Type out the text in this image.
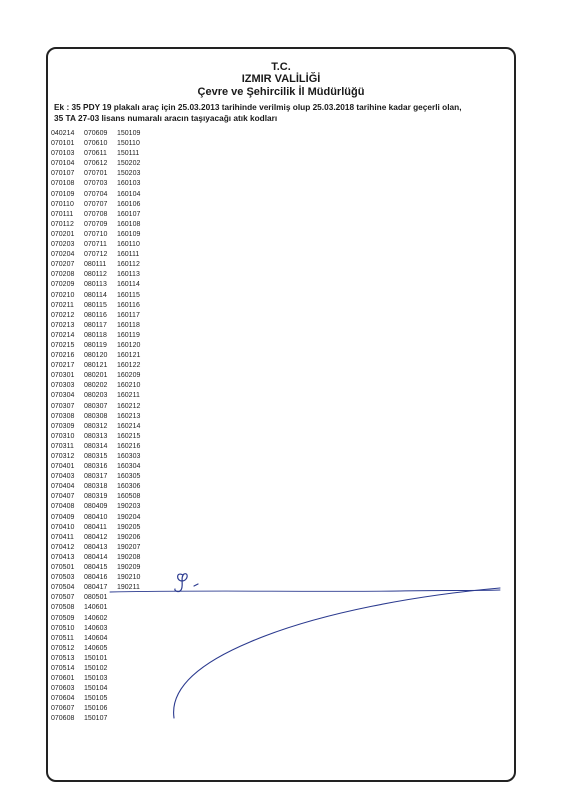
T.C.
IZMIR VALİLİĞİ
Çevre ve Şehircilik İl Müdürlüğü

Ek : 35 PDY 19 plakalı araç için 25.03.2013 tarihinde verilmiş olup 25.03.2018 tarihine kadar geçerli olan,
35 TA 27-03 lisans numaralı aracın taşıyacağı atık kodları

040214
070101
070103
070104
070107
070108
070109
070110
070111
070112
070201
070203
070204
070207
070208
070209
070210
070211
070212
070213
070214
070215
070216
070217
070301
070303
070304
070307
070308
070309
070310
070311
070312
070401
070403
070404
070407
070408
070409
070410
070411
070412
070413
070501
070503
070504
070507
070508
070509
070510
070511
070512
070513
070514
070601
070603
070604
070607
070608
070609
070610
070611
070612
070701
070703
070704
070707
070708
070709
070710
070711
070712
080111
080112
080113
080114
080115
080116
080117
080118
080119
080120
080121
080201
080202
080203
080307
080308
080312
080313
080314
080315
080316
080317
080318
080319
080409
080410
080411
080412
080413
080414
080415
080416
080417
080501
140601
140602
140603
140604
140605
150101
150102
150103
150104
150105
150106
150107
150109
150110
150111
150202
150203
160103
160104
160106
160107
160108
160109
160110
160111
160112
160113
160114
160115
160116
160117
160118
160119
160120
160121
160122
160209
160210
160211
160212
160213
160214
160215
160216
160303
160304
160305
160306
160508
190203
190204
190205
190206
190207
190208
190209
190210
190211
